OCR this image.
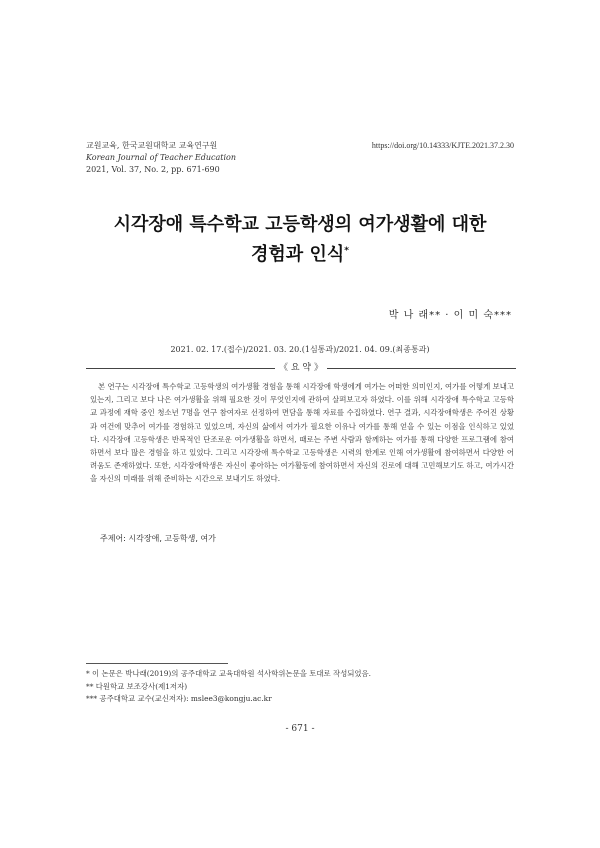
교원교육, 한국교원대학교 교육연구원
Korean Journal of Teacher Education
2021, Vol. 37, No. 2, pp. 671-690
https://doi.org/10.14333/KJTE.2021.37.2.30
시각장애 특수학교 고등학생의 여가생활에 대한
경험과 인식*
박 나 래** · 이 미 숙***
2021. 02. 17.(접수)/2021. 03. 20.(1심통과)/2021. 04. 09.(최종통과)
《 요 약 》
본 연구는 시각장애 특수학교 고등학생의 여가생활 경험을 통해 시각장애 학생에게 여가는 어떠한 의미인지, 여가를 어떻게 보내고 있는지, 그리고 보다 나은 여가생활을 위해 필요한 것이 무엇인지에 관하여 살펴보고자 하였다. 이를 위해 시각장애 특수학교 고등학교 과정에 재학 중인 청소년 7명을 연구 참여자로 선정하여 면담을 통해 자료를 수집하였다. 연구 결과, 시각장애학생은 주어진 상황과 여건에 맞추어 여가를 경험하고 있었으며, 자신의 삶에서 여가가 필요한 이유나 여가를 통해 얻을 수 있는 이점을 인식하고 있었다. 시각장애 고등학생은 반복적인 단조로운 여가생활을 하면서, 때로는 주변 사람과 함께하는 여가를 통해 다양한 프로그램에 참여하면서 보다 많은 경험을 하고 있었다. 그리고 시각장애 특수학교 고등학생은 시력의 한계로 인해 여가생활에 참여하면서 다양한 어려움도 존재하였다. 또한, 시각장애학생은 자신이 좋아하는 여가활동에 참여하면서 자신의 진로에 대해 고민해보기도 하고, 여가시간을 자신의 미래를 위해 준비하는 시간으로 보내기도 하였다.
주제어: 시각장애, 고등학생, 여가
* 이 논문은 박나래(2019)의 공주대학교 교육대학원 석사학위논문을 토대로 작성되었음.
** 다원학교 보조강사(제1저자)
*** 공주대학교 교수(교신저자): mslee3@kongju.ac.kr
- 671 -
